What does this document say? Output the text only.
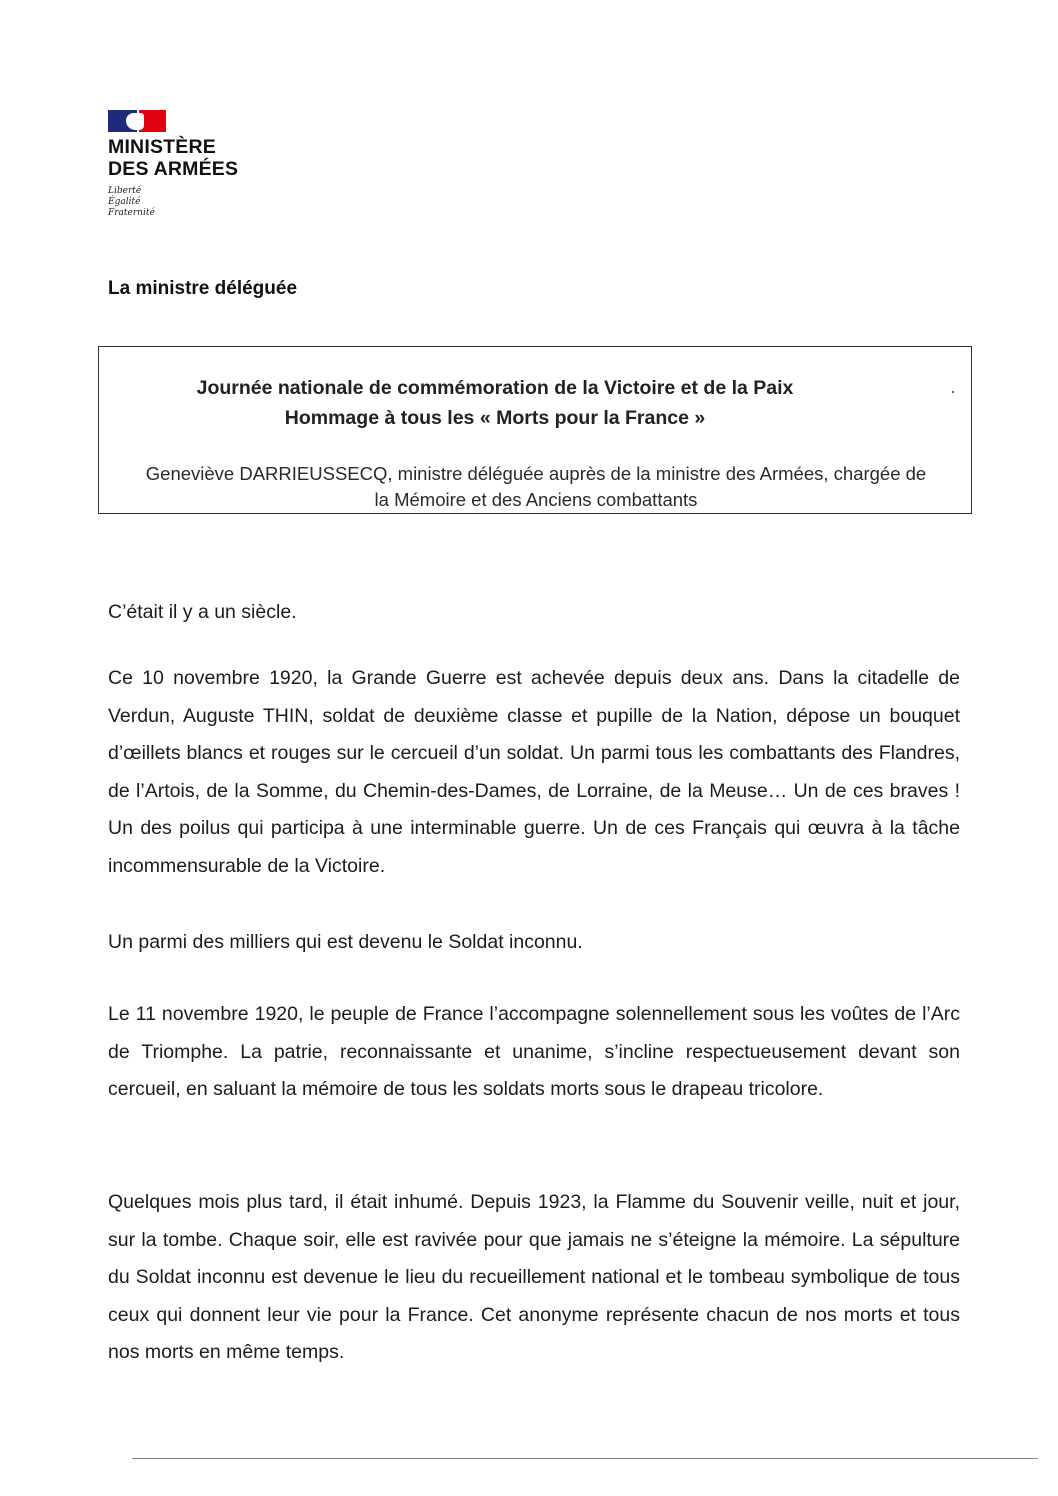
MINISTÈRE
DES ARMÉES
Liberté
Égalité
Fraternité
La ministre déléguée
Journée nationale de commémoration de la Victoire et de la Paix
Hommage à tous les « Morts pour la France »
Geneviève DARRIEUSSECQ, ministre déléguée auprès de la ministre des Armées, chargée de
la Mémoire et des Anciens combattants
C’était il y a un siècle.
Ce 10 novembre 1920, la Grande Guerre est achevée depuis deux ans. Dans la citadelle de Verdun, Auguste THIN, soldat de deuxième classe et pupille de la Nation, dépose un bouquet d’œillets blancs et rouges sur le cercueil d’un soldat. Un parmi tous les combattants des Flandres, de l’Artois, de la Somme, du Chemin-des-Dames, de Lorraine, de la Meuse… Un de ces braves ! Un des poilus qui participa à une interminable guerre. Un de ces Français qui œuvra à la tâche incommensurable de la Victoire.
Un parmi des milliers qui est devenu le Soldat inconnu.
Le 11 novembre 1920, le peuple de France l’accompagne solennellement sous les voûtes de l’Arc de Triomphe. La patrie, reconnaissante et unanime, s’incline respectueusement devant son cercueil, en saluant la mémoire de tous les soldats morts sous le drapeau tricolore.
Quelques mois plus tard, il était inhumé. Depuis 1923, la Flamme du Souvenir veille, nuit et jour, sur la tombe. Chaque soir, elle est ravivée pour que jamais ne s’éteigne la mémoire. La sépulture du Soldat inconnu est devenue le lieu du recueillement national et le tombeau symbolique de tous ceux qui donnent leur vie pour la France. Cet anonyme représente chacun de nos morts et tous nos morts en même temps.
